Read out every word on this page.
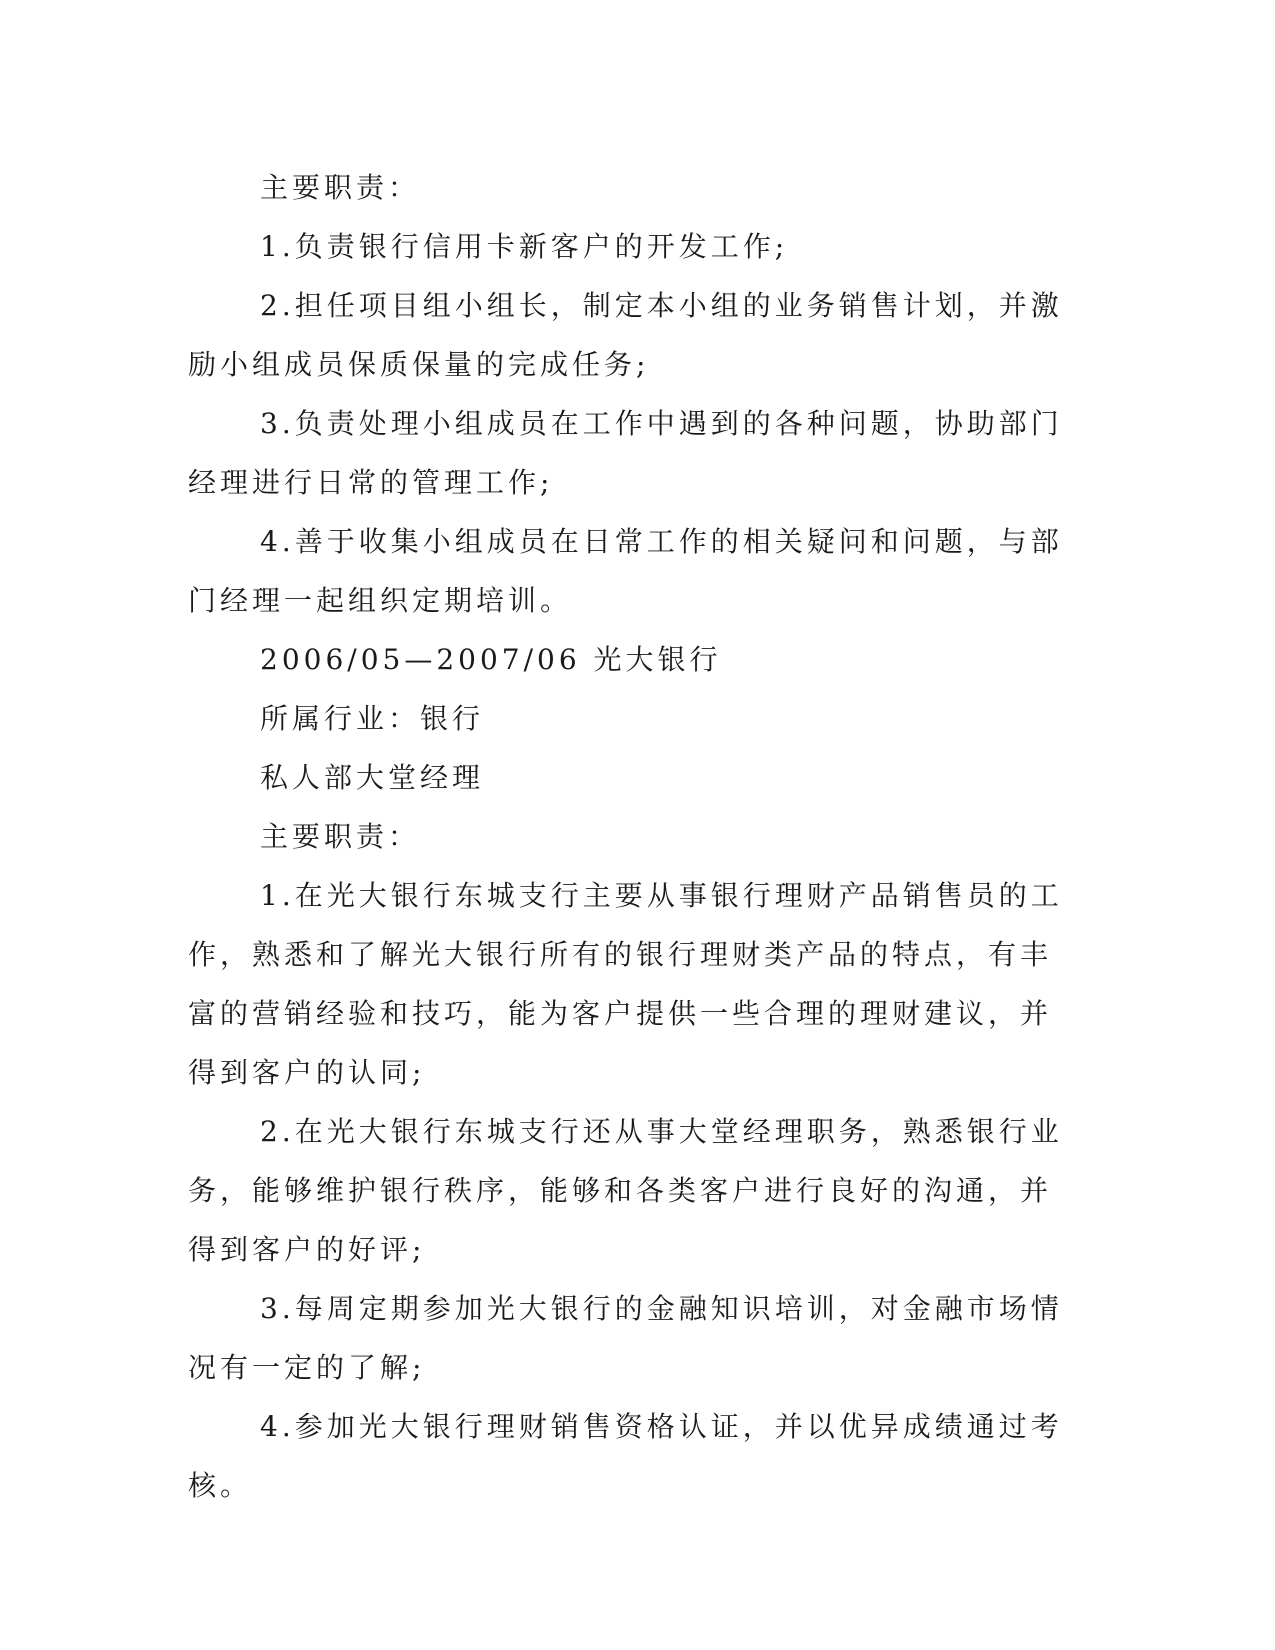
主要职责：

1.负责银行信用卡新客户的开发工作;

2.担任项目组小组长，制定本小组的业务销售计划，并激励小组成员保质保量的完成任务;

3.负责处理小组成员在工作中遇到的各种问题，协助部门经理进行日常的管理工作;

4.善于收集小组成员在日常工作的相关疑问和问题，与部门经理一起组织定期培训。

2006/05—2007/06 光大银行

所属行业：银行

私人部大堂经理

主要职责：

1.在光大银行东城支行主要从事银行理财产品销售员的工作，熟悉和了解光大银行所有的银行理财类产品的特点，有丰富的营销经验和技巧，能为客户提供一些合理的理财建议，并得到客户的认同;

2.在光大银行东城支行还从事大堂经理职务，熟悉银行业务，能够维护银行秩序，能够和各类客户进行良好的沟通，并得到客户的好评;

3.每周定期参加光大银行的金融知识培训，对金融市场情况有一定的了解;

4.参加光大银行理财销售资格认证，并以优异成绩通过考核。
